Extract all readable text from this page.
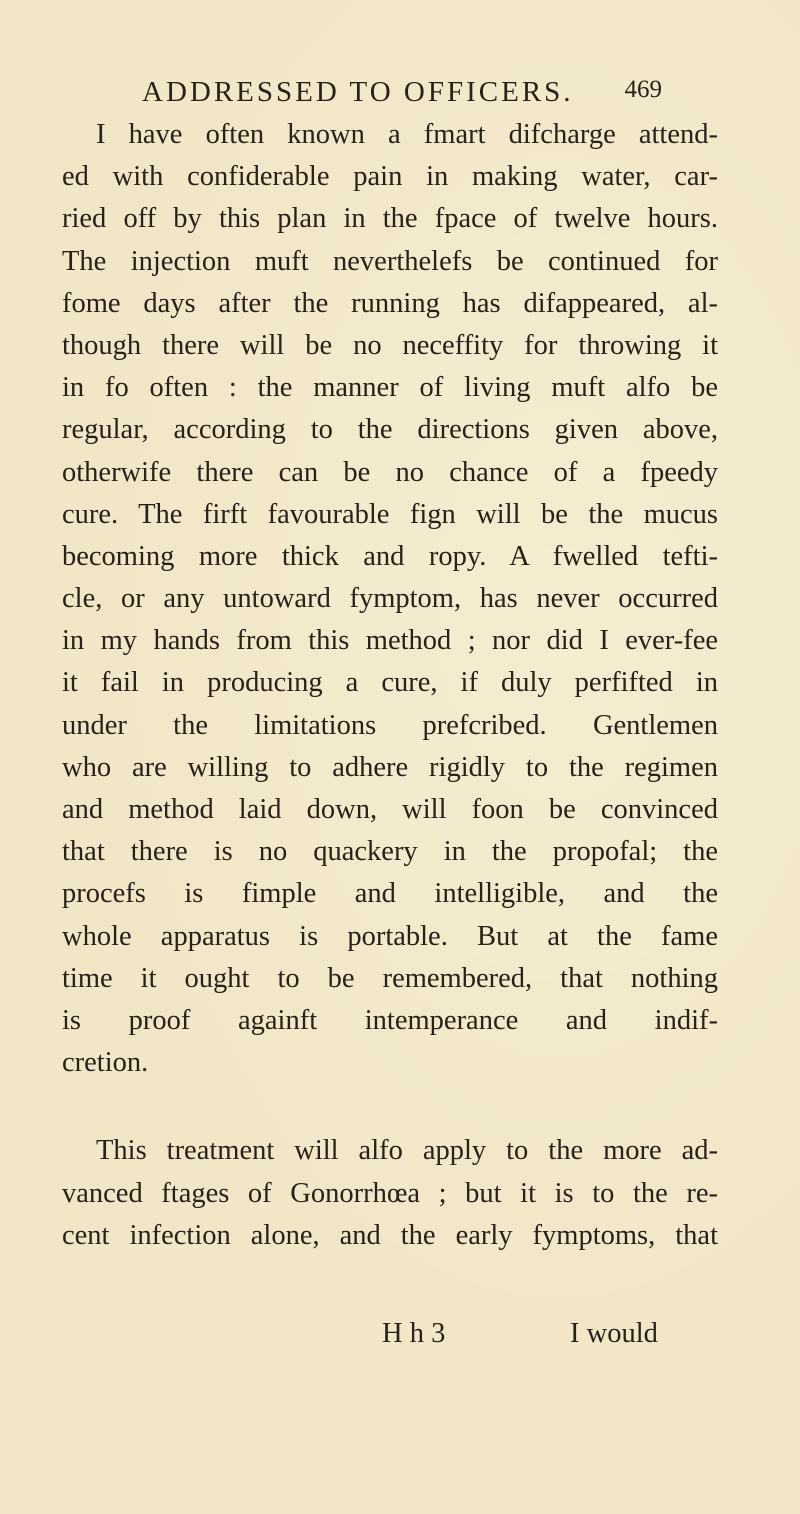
ADDRESSED TO OFFICERS. 469
I have often known a fmart difcharge attend-
ed with confiderable pain in making water, car-
ried off by this plan in the fpace of twelve hours.
The injection muft neverthelefs be continued for
fome days after the running has difappeared, al-
though there will be no neceffity for throwing it
in fo often : the manner of living muft alfo be
regular, according to the directions given above,
otherwife there can be no chance of a fpeedy
cure. The firft favourable fign will be the mucus
becoming more thick and ropy. A fwelled tefti-
cle, or any untoward fymptom, has never occurred
in my hands from this method ; nor did I ever-fee
it fail in producing a cure, if duly perfifted in
under the limitations prefcribed. Gentlemen
who are willing to adhere rigidly to the regimen
and method laid down, will foon be convinced
that there is no quackery in the propofal; the
procefs is fimple and intelligible, and the
whole apparatus is portable. But at the fame
time it ought to be remembered, that nothing
is proof againft intemperance and indif-
cretion.
This treatment will alfo apply to the more ad-
vanced ftages of Gonorrhœa ; but it is to the re-
cent infection alone, and the early fymptoms, that
H h 3	I would
